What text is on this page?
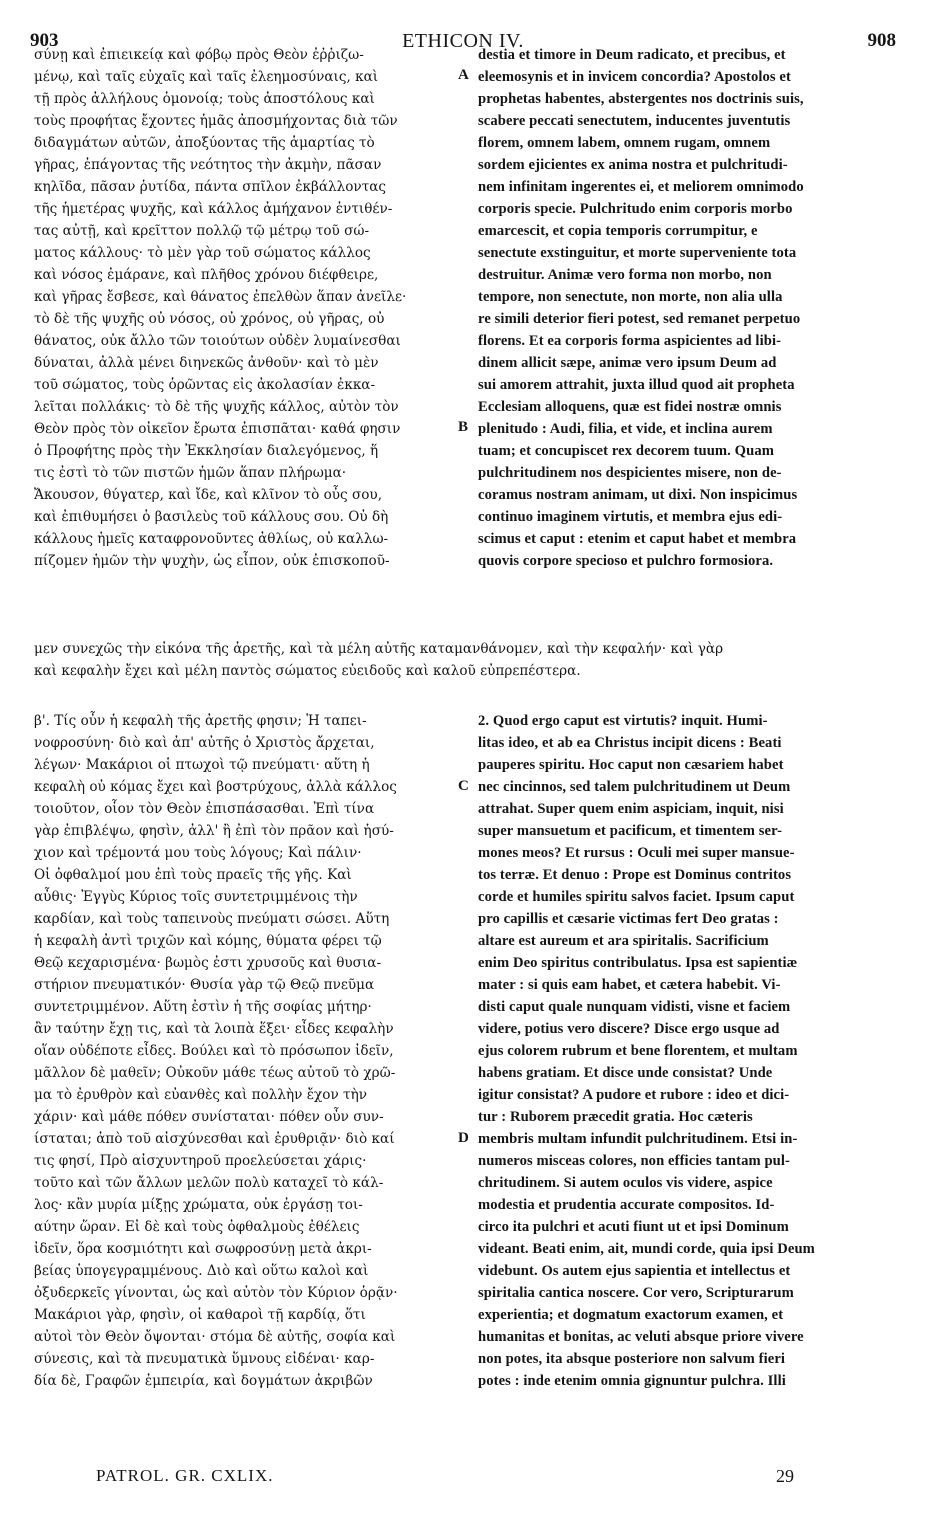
903	ETHICON IV.	908
σύνῃ καὶ ἐπιεικείᾳ καὶ φόβῳ πρὸς Θεὸν ἐῤῥιζω-
μένῳ, καὶ ταῖς εὐχαῖς καὶ ταῖς ἐλεημοσύναις, καὶ
τῇ πρὸς ἀλλήλους ὁμονοίᾳ; τοὺς ἀποστόλους καὶ
τοὺς προφήτας ἔχοντες ἡμᾶς ἀποσμήχοντας διὰ τῶν
διδαγμάτων αὐτῶν, ἀποξύοντας τῆς ἁμαρτίας τὸ
γῆρας, ἐπάγοντας τῆς νεότητος τὴν ἀκμὴν, πᾶσαν
κηλῖδα, πᾶσαν ῥυτίδα, πάντα σπῖλον ἐκβάλλοντας
τῆς ἡμετέρας ψυχῆς, καὶ κάλλος ἀμήχανον ἐντιθέν-
τας αὐτῇ, καὶ κρεῖττον πολλῷ τῷ μέτρῳ τοῦ σώ-
ματος κάλλους· τὸ μὲν γὰρ τοῦ σώματος κάλλος
καὶ νόσος ἐμάρανε, καὶ πλῆθος χρόνου διέφθειρε,
καὶ γῆρας ἔσβεσε, καὶ θάνατος ἐπελθὼν ἅπαν ἀνεῖλε·
τὸ δὲ τῆς ψυχῆς οὐ νόσος, οὐ χρόνος, οὐ γῆρας, οὐ
θάνατος, οὐκ ἄλλο τῶν τοιούτων οὐδὲν λυμαίνεσθαι
δύναται, ἀλλὰ μένει διηνεκῶς ἀνθοῦν· καὶ τὸ μὲν
τοῦ σώματος, τοὺς ὁρῶντας εἰς ἀκολασίαν ἐκκα-
λεῖται πολλάκις· τὸ δὲ τῆς ψυχῆς κάλλος, αὐτὸν τὸν
Θεὸν πρὸς τὸν οἰκεῖον ἔρωτα ἐπισπᾶται· καθά φησιν
ὁ Προφήτης πρὸς τὴν Ἐκκλησίαν διαλεγόμενος, ἥ
τις ἐστὶ τὸ τῶν πιστῶν ἡμῶν ἅπαν πλήρωμα·
Ἄκουσον, θύγατερ, καὶ ἴδε, καὶ κλῖνον τὸ οὖς σου,
καὶ ἐπιθυμήσει ὁ βασιλεὺς τοῦ κάλλους σου. Οὐ δὴ
κάλλους ἡμεῖς καταφρονοῦντες ἀθλίως, οὐ καλλω-
πίζομεν ἡμῶν τὴν ψυχὴν, ὡς εἶπον, οὐκ ἐπισκοποῦ-
destia et timore in Deum radicato, et precibus, et
eleemosynis et in invicem concordia? Apostolos et
prophetas habentes, abstergentes nos doctrinis suis,
scabere peccati senectutem, inducentes juventutis
florem, omnem labem, omnem rugam, omnem
sordem ejicientes ex anima nostra et pulchritudi-
nem infinitam ingerentes ei, et meliorem omnimodo
corporis specie. Pulchritudo enim corporis morbo
emarcescit, et copia temporis corrumpitur, e
senectute exstinguitur, et morte superveniente tota
destruitur. Animæ vero forma non morbo, non
tempore, non senectute, non morte, non alia ulla
re simili deterior fieri potest, sed remanet perpetuo
florens. Et ea corporis forma aspicientes ad libi-
dinem allicit sæpe, animæ vero ipsum Deum ad
sui amorem attrahit, juxta illud quod ait propheta
Ecclesiam alloquens, quæ est fidei nostræ omnis
plenitudo : Audi, filia, et vide, et inclina aurem
tuam; et concupiscet rex decorem tuum. Quam
pulchritudinem nos despicientes misere, non de-
coramus nostram animam, ut dixi. Non inspicimus
continuo imaginem virtutis, et membra ejus edi-
scimus et caput : etenim et caput habet et membra
quovis corpore specioso et pulchro formosiora.
A
B
μεν συνεχῶς τὴν εἰκόνα τῆς ἀρετῆς, καὶ τὰ μέλη αὐτῆς καταμανθάνομεν, καὶ τὴν κεφαλήν· καὶ γὰρ
καὶ κεφαλὴν ἔχει καὶ μέλη παντὸς σώματος εὐειδοῦς καὶ καλοῦ εὐπρεπέστερα.
β'. Τίς οὖν ἡ κεφαλὴ τῆς ἀρετῆς φησιν; Ἡ ταπει-
νοφροσύνη· διὸ καὶ ἀπ' αὐτῆς ὁ Χριστὸς ἄρχεται,
λέγων· Μακάριοι οἱ πτωχοὶ τῷ πνεύματι· αὕτη ἡ
κεφαλὴ οὐ κόμας ἔχει καὶ βοστρύχους, ἀλλὰ κάλλος
τοιοῦτον, οἷον τὸν Θεὸν ἐπισπάσασθαι. Ἐπὶ τίνα
γὰρ ἐπιβλέψω, φησὶν, ἀλλ' ἢ ἐπὶ τὸν πρᾶον καὶ ἡσύ-
χιον καὶ τρέμοντά μου τοὺς λόγους; Καὶ πάλιν·
Οἱ ὀφθαλμοί μου ἐπὶ τοὺς πραεῖς τῆς γῆς. Καὶ
αὖθις· Ἐγγὺς Κύριος τοῖς συντετριμμένοις τὴν
καρδίαν, καὶ τοὺς ταπεινοὺς πνεύματι σώσει. Αὕτη
ἡ κεφαλὴ ἀντὶ τριχῶν καὶ κόμης, θύματα φέρει τῷ
Θεῷ κεχαρισμένα· βωμὸς ἐστι χρυσοῦς καὶ θυσια-
στήριον πνευματικόν· Θυσία γὰρ τῷ Θεῷ πνεῦμα
συντετριμμένον. Αὕτη ἐστὶν ἡ τῆς σοφίας μήτηρ·
ἂν ταύτην ἔχῃ τις, καὶ τὰ λοιπὰ ἕξει· εἶδες κεφαλὴν
οἵαν οὐδέποτε εἶδες. Βούλει καὶ τὸ πρόσωπον ἰδεῖν,
μᾶλλον δὲ μαθεῖν; Οὐκοῦν μάθε τέως αὐτοῦ τὸ χρῶ-
μα τὸ ἐρυθρὸν καὶ εὐανθὲς καὶ πολλὴν ἔχον τὴν
χάριν· καὶ μάθε πόθεν συνίσταται· πόθεν οὖν συν-
ίσταται; ἀπὸ τοῦ αἰσχύνεσθαι καὶ ἐρυθριᾷν· διὸ καί
τις φησί, Πρὸ αἰσχυντηροῦ προελεύσεται χάρις·
τοῦτο καὶ τῶν ἄλλων μελῶν πολὺ καταχεῖ τὸ κάλ-
λος· κἂν μυρία μίξῃς χρώματα, οὐκ ἐργάσῃ τοι-
αύτην ὥραν. Εἰ δὲ καὶ τοὺς ὀφθαλμοὺς ἐθέλεις
ἰδεῖν, ὅρα κοσμιότητι καὶ σωφροσύνῃ μετὰ ἀκρι-
βείας ὑπογεγραμμένους. Διὸ καὶ οὕτω καλοὶ καὶ
ὀξυδερκεῖς γίνονται, ὡς καὶ αὐτὸν τὸν Κύριον ὁρᾷν·
Μακάριοι γὰρ, φησὶν, οἱ καθαροὶ τῇ καρδίᾳ, ὅτι
αὐτοὶ τὸν Θεὸν ὄψονται· στόμα δὲ αὐτῆς, σοφία καὶ
σύνεσις, καὶ τὰ πνευματικὰ ὕμνους εἰδέναι· καρ-
δία δὲ, Γραφῶν ἐμπειρία, καὶ δογμάτων ἀκριβῶν
2. Quod ergo caput est virtutis? inquit. Humi-
litas ideo, et ab ea Christus incipit dicens : Beati
pauperes spiritu. Hoc caput non cæsariem habet
nec cincinnos, sed talem pulchritudinem ut Deum
attrahat. Super quem enim aspiciam, inquit, nisi
super mansuetum et pacificum, et timentem ser-
mones meos? Et rursus : Oculi mei super mansue-
tos terræ. Et denuo : Prope est Dominus contritos
corde et humiles spiritu salvos faciet. Ipsum caput
pro capillis et cæsarie victimas fert Deo gratas :
altare est aureum et ara spiritalis. Sacrificium
enim Deo spiritus contribulatus. Ipsa est sapientiæ
mater : si quis eam habet, et cætera habebit. Vi-
disti caput quale nunquam vidisti, visne et faciem
videre, potius vero discere? Disce ergo usque ad
ejus colorem rubrum et bene florentem, et multam
habens gratiam. Et disce unde consistat? Unde
igitur consistat? A pudore et rubore : ideo et dici-
tur : Ruborem præcedit gratia. Hoc cæteris
membris multam infundit pulchritudinem. Etsi in-
numeros misceas colores, non efficies tantam pul-
chritudinem. Si autem oculos vis videre, aspice
modestia et prudentia accurate compositos. Id-
circo ita pulchri et acuti fiunt ut et ipsi Dominum
videant. Beati enim, ait, mundi corde, quia ipsi Deum
videbunt. Os autem ejus sapientia et intellectus et
spiritalia cantica noscere. Cor vero, Scripturarum
experientia; et dogmatum exactorum examen, et
humanitas et bonitas, ac veluti absque priore vivere
non potes, ita absque posteriore non salvum fieri
potes : inde etenim omnia gignuntur pulchra. Illi
C
D
PATROL. GR. CXLIX.	29
